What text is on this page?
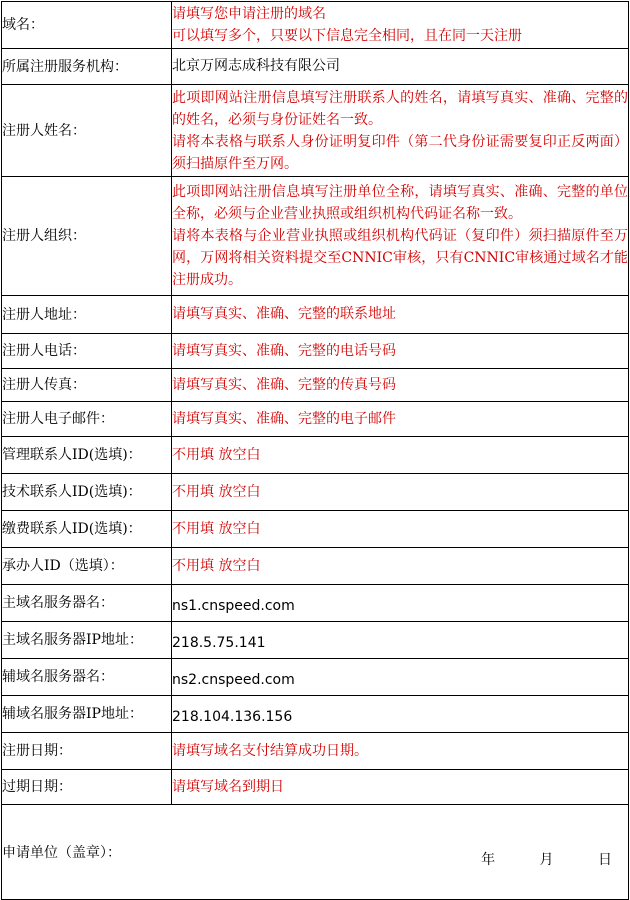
域名：	请填写您申请注册的域名
可以填写多个，只要以下信息完全相同，且在同一天注册

所属注册服务机构：	北京万网志成科技有限公司
注册人姓名：	此项即网站注册信息填写注册联系人的姓名，请填写真实、准确、完整的的姓名，必须与身份证姓名一致。
请将本表格与联系人身份证明复印件（第二代身份证需要复印正反两面）须扫描原件至万网。

注册人组织：	此项即网站注册信息填写注册单位全称，请填写真实、准确、完整的单位全称，必须与企业营业执照或组织机构代码证名称一致。
请将本表格与企业营业执照或组织机构代码证（复印件）须扫描原件至万网，万网将相关资料提交至CNNIC审核，只有CNNIC审核通过域名才能注册成功。

注册人地址：	请填写真实、准确、完整的联系地址
注册人电话：	请填写真实、准确、完整的电话号码
注册人传真：	请填写真实、准确、完整的传真号码
注册人电子邮件：	请填写真实、准确、完整的电子邮件
管理联系人ID(选填)：	不用填 放空白
技术联系人ID(选填)：	不用填 放空白
缴费联系人ID(选填)：	不用填 放空白
承办人ID（选填）：	不用填 放空白
主域名服务器名：	ns1.cnspeed.com
主域名服务器IP地址：	218.5.75.141
辅域名服务器名：	ns2.cnspeed.com
辅域名服务器IP地址：	218.104.136.156
注册日期：	请填写域名支付结算成功日期。
过期日期：	请填写域名到期日

申请单位（盖章）： 年 月 日	
